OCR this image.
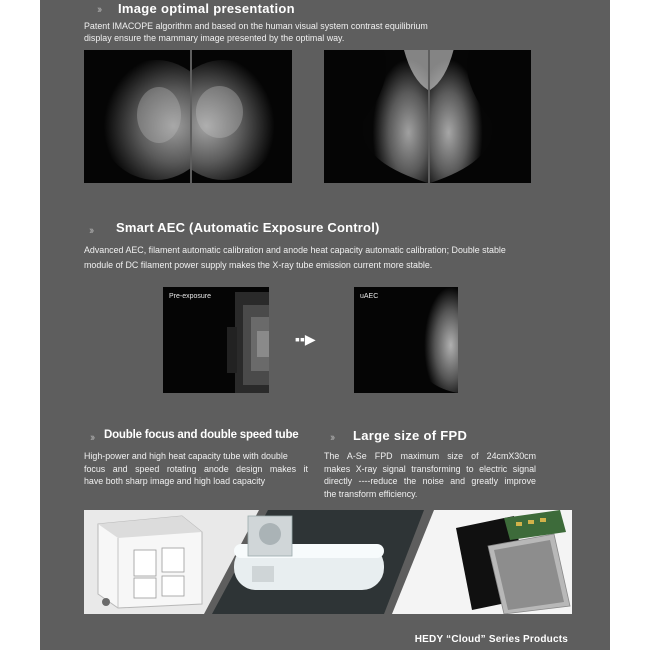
›› Image optimal presentation
Patent IMACOPE algorithm and based on the human visual system contrast equilibrium
display ensure the mammary image presented by the optimal way.
›› Smart AEC (Automatic Exposure Control)
Advanced AEC, filament automatic calibration and anode heat capacity automatic calibration; Double stable
module of DC filament power supply makes the X-ray tube emission current more stable.
Pre-exposure
▪▪▶
uAEC
›› Double focus and double speed tube
High-power and high heat capacity tube with double
focus and speed rotating anode design makes it
have both sharp image and high load capacity
›› Large size of FPD
The A-Se FPD maximum size of 24cmX30cm
makes X-ray signal transforming to electric signal
directly ----reduce the noise and greatly improve
the transform efficiency.
HEDY “Cloud” Series Products
